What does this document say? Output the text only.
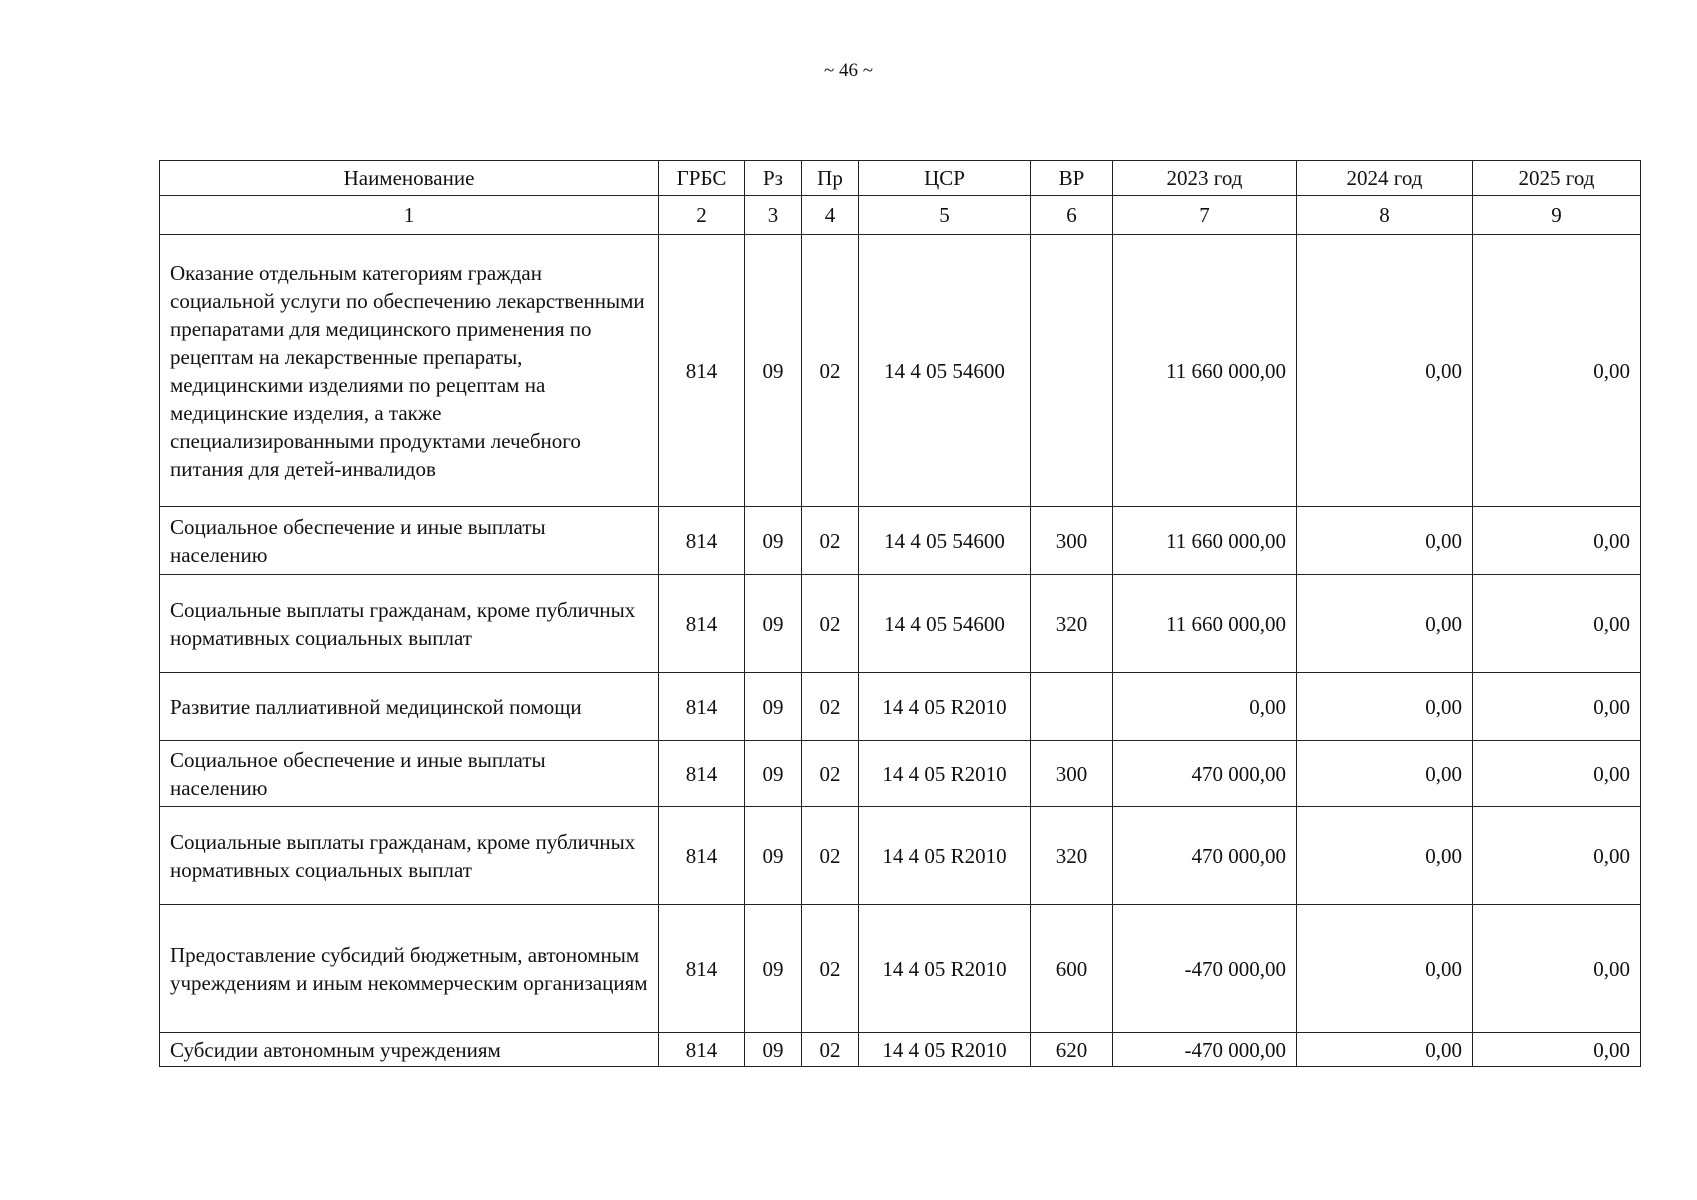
~ 46 ~
Наименование	ГРБС	Рз	Пр	ЦСР	ВР	2023 год	2024 год	2025 год
1	2	3	4	5	6	7	8	9
Оказание отдельным категориям граждан социальной услуги по обеспечению лекарственными препаратами для медицинского применения по рецептам на лекарственные препараты, медицинскими изделиями по рецептам на медицинские изделия, а также специализированными продуктами лечебного питания для детей-инвалидов	814	09	02	14 4 05 54600		11 660 000,00	0,00	0,00
Социальное обеспечение и иные выплаты населению	814	09	02	14 4 05 54600	300	11 660 000,00	0,00	0,00
Социальные выплаты гражданам, кроме публичных нормативных социальных выплат	814	09	02	14 4 05 54600	320	11 660 000,00	0,00	0,00
Развитие паллиативной медицинской помощи	814	09	02	14 4 05 R2010		0,00	0,00	0,00
Социальное обеспечение и иные выплаты населению	814	09	02	14 4 05 R2010	300	470 000,00	0,00	0,00
Социальные выплаты гражданам, кроме публичных нормативных социальных выплат	814	09	02	14 4 05 R2010	320	470 000,00	0,00	0,00
Предоставление субсидий бюджетным, автономным учреждениям и иным некоммерческим организациям	814	09	02	14 4 05 R2010	600	-470 000,00	0,00	0,00
Субсидии автономным учреждениям	814	09	02	14 4 05 R2010	620	-470 000,00	0,00	0,00
